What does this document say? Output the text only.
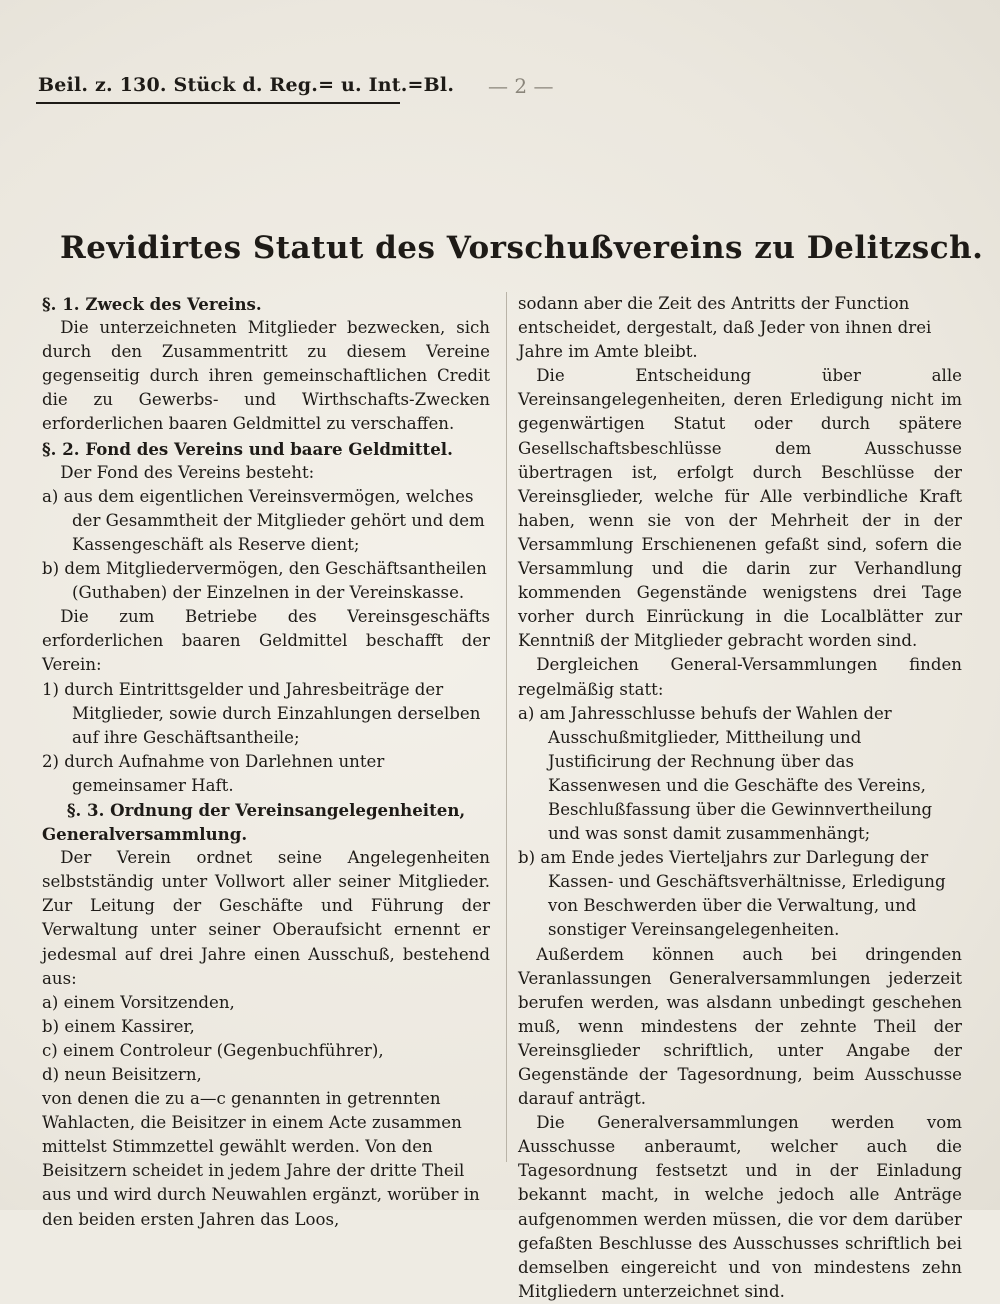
Beil. z. 130. Stück d. Reg.= u. Int.=Bl. — 2 —
Revidirtes Statut des Vorschußvereins zu Delitzsch.

§. 1. Zweck des Vereins.

Die unterzeichneten Mitglieder bezwecken, sich durch den Zusammentritt zu diesem Vereine gegenseitig durch ihren gemeinschaftlichen Credit die zu Gewerbs- und Wirthschafts-Zwecken erforderlichen baaren Geldmittel zu verschaffen.

§. 2. Fond des Vereins und baare Geldmittel.

Der Fond des Vereins besteht:

a) aus dem eigentlichen Vereinsvermögen, welches der Gesammtheit der Mitglieder gehört und dem Kassengeschäft als Reserve dient;

b) dem Mitgliedervermögen, den Geschäftsantheilen (Guthaben) der Einzelnen in der Vereinskasse.

Die zum Betriebe des Vereinsgeschäfts erforderlichen baaren Geldmittel beschafft der Verein:

1) durch Eintrittsgelder und Jahresbeiträge der Mitglieder, sowie durch Einzahlungen derselben auf ihre Geschäftsantheile;

2) durch Aufnahme von Darlehnen unter gemeinsamer Haft.

§. 3. Ordnung der Vereinsangelegenheiten, Generalversammlung.

Der Verein ordnet seine Angelegenheiten selbstständig unter Vollwort aller seiner Mitglieder. Zur Leitung der Geschäfte und Führung der Verwaltung unter seiner Oberaufsicht ernennt er jedesmal auf drei Jahre einen Ausschuß, bestehend aus:

a) einem Vorsitzenden,

b) einem Kassirer,

c) einem Controleur (Gegenbuchführer),

d) neun Beisitzern,

von denen die zu a—c genannten in getrennten Wahlacten, die Beisitzer in einem Acte zusammen mittelst Stimmzettel gewählt werden. Von den Beisitzern scheidet in jedem Jahre der dritte Theil aus und wird durch Neuwahlen ergänzt, worüber in den beiden ersten Jahren das Loos,

sodann aber die Zeit des Antritts der Function entscheidet, dergestalt, daß Jeder von ihnen drei Jahre im Amte bleibt.

Die Entscheidung über alle Vereinsangelegenheiten, deren Erledigung nicht im gegenwärtigen Statut oder durch spätere Gesellschaftsbeschlüsse dem Ausschusse übertragen ist, erfolgt durch Beschlüsse der Vereinsglieder, welche für Alle verbindliche Kraft haben, wenn sie von der Mehrheit der in der Versammlung Erschienenen gefaßt sind, sofern die Versammlung und die darin zur Verhandlung kommenden Gegenstände wenigstens drei Tage vorher durch Einrückung in die Localblätter zur Kenntniß der Mitglieder gebracht worden sind.

Dergleichen General-Versammlungen finden regelmäßig statt:

a) am Jahresschlusse behufs der Wahlen der Ausschußmitglieder, Mittheilung und Justificirung der Rechnung über das Kassenwesen und die Geschäfte des Vereins, Beschlußfassung über die Gewinnvertheilung und was sonst damit zusammenhängt;

b) am Ende jedes Vierteljahrs zur Darlegung der Kassen- und Geschäftsverhältnisse, Erledigung von Beschwerden über die Verwaltung, und sonstiger Vereinsangelegenheiten.

Außerdem können auch bei dringenden Veranlassungen Generalversammlungen jederzeit berufen werden, was alsdann unbedingt geschehen muß, wenn mindestens der zehnte Theil der Vereinsglieder schriftlich, unter Angabe der Gegenstände der Tagesordnung, beim Ausschusse darauf anträgt.

Die Generalversammlungen werden vom Ausschusse anberaumt, welcher auch die Tagesordnung festsetzt und in der Einladung bekannt macht, in welche jedoch alle Anträge aufgenommen werden müssen, die vor dem darüber gefaßten Beschlusse des Ausschusses schriftlich bei demselben eingereicht und von mindestens zehn Mitgliedern unterzeichnet sind.
